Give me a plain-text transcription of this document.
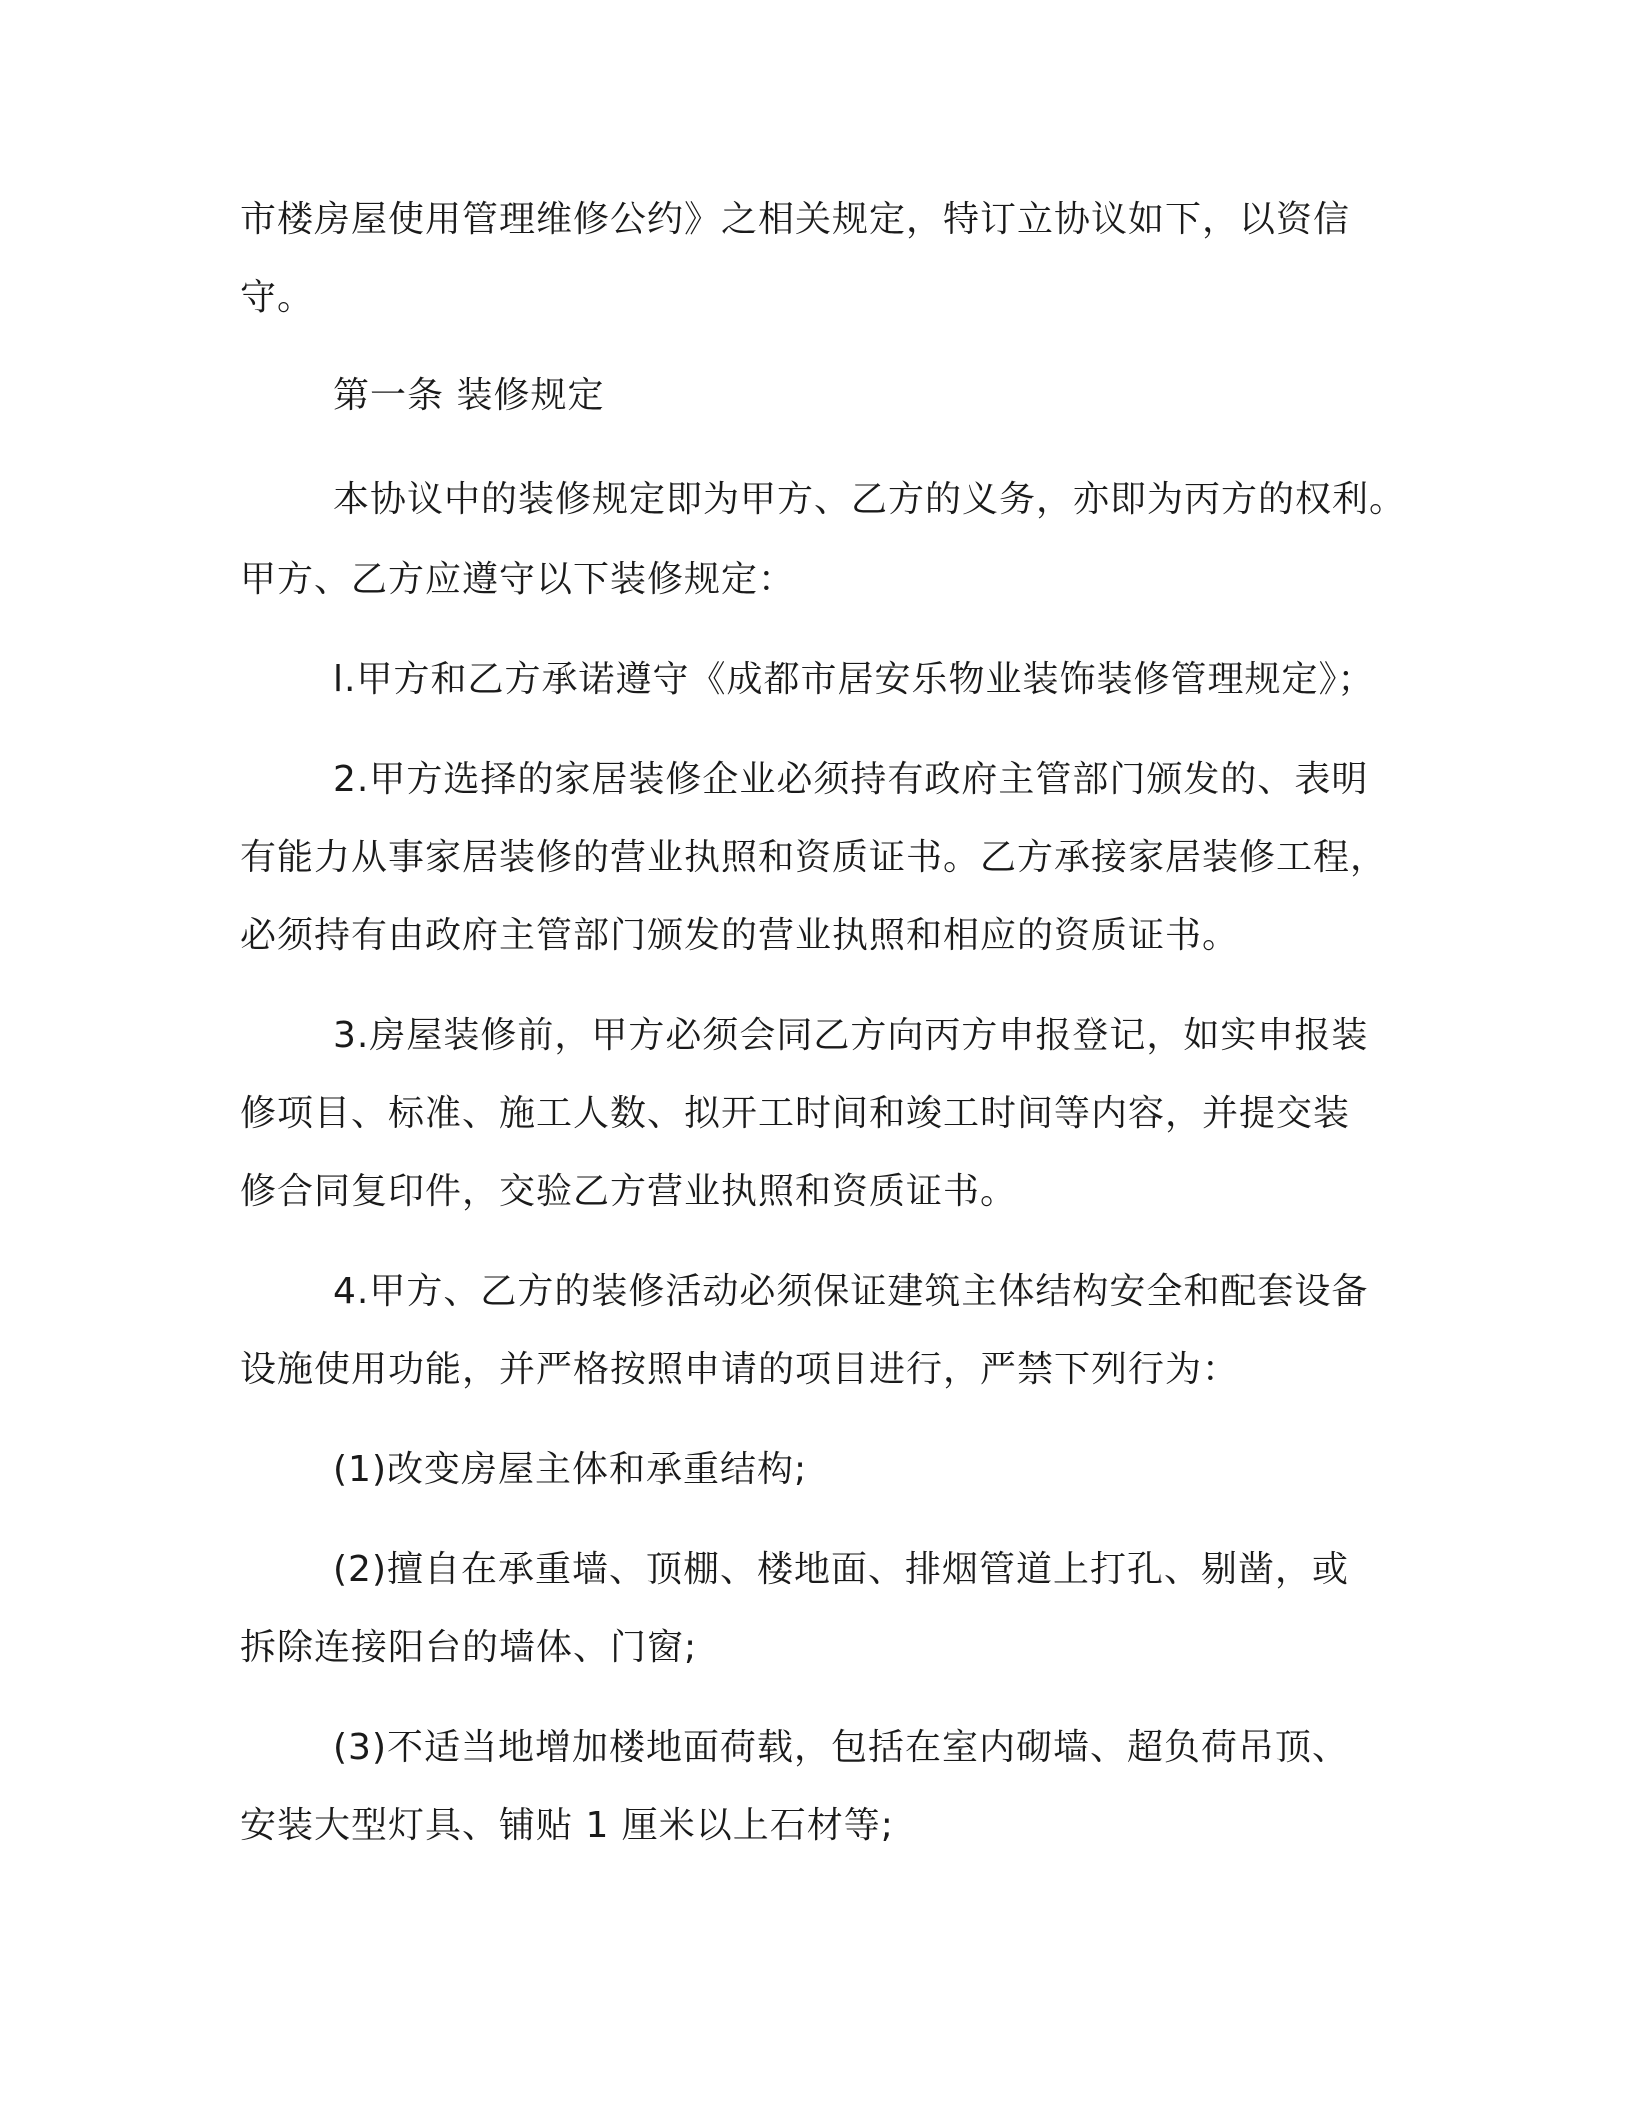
市楼房屋使用管理维修公约》之相关规定，特订立协议如下，以资信

守。

第一条 装修规定

本协议中的装修规定即为甲方、乙方的义务，亦即为丙方的权利。

甲方、乙方应遵守以下装修规定：

l.甲方和乙方承诺遵守《成都市居安乐物业装饰装修管理规定》；

2.甲方选择的家居装修企业必须持有政府主管部门颁发的、表明

有能力从事家居装修的营业执照和资质证书。乙方承接家居装修工程，

必须持有由政府主管部门颁发的营业执照和相应的资质证书。

3.房屋装修前，甲方必须会同乙方向丙方申报登记，如实申报装

修项目、标准、施工人数、拟开工时间和竣工时间等内容，并提交装

修合同复印件，交验乙方营业执照和资质证书。

4.甲方、乙方的装修活动必须保证建筑主体结构安全和配套设备

设施使用功能，并严格按照申请的项目进行，严禁下列行为：

(1)改变房屋主体和承重结构;

(2)擅自在承重墙、顶棚、楼地面、排烟管道上打孔、剔凿，或

拆除连接阳台的墙体、门窗;

(3)不适当地增加楼地面荷载，包括在室内砌墙、超负荷吊顶、

安装大型灯具、铺贴 1 厘米以上石材等;
